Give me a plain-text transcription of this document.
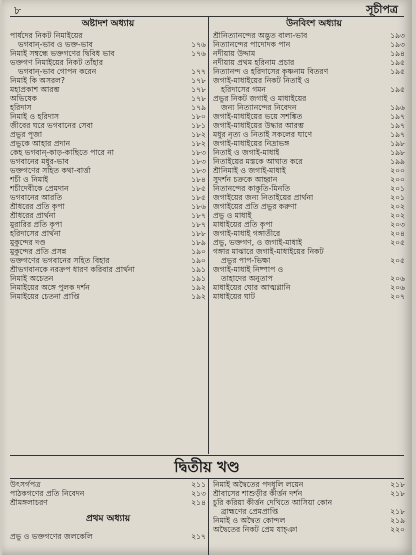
৮	সূচীপত্র
অষ্টাদশ অধ্যায়
পার্ষদের নিকট নিমাইয়ের
ভগবান্-ভাব ও ভক্ত-ভাব	১৭৬
নিমাই সম্বন্ধে ভক্তগণের দ্বিবিধ ভাব	১৭৬
ভক্তগণ নিমাইয়ের নিকট তাঁহার
ভগবান্-ভাব গোপন করেন	১৭৭
নিমাই কি অসরল?	১৭৮
মহাপ্রকাশ আরম্ভ	১৭৮
অভিষেক	১৭৮
হরিদাস	১৭৯
নিমাই ও হরিদাস	১৮০
জীবের ঘরে ভগবানের সেবা	১৮১
প্রভুর পূজা	১৮২
প্রভুকে আহার প্রদান	১৮২
কেহ ভগবান্-কাড়-কাছিতে পারে না	১৮৩
ভগবানের মধুর-ভাব	১৮৩
ভক্তগণের সহিত কথা-বার্ত্তা	১৮৩
শচী ও নিমাই	১৮৪
শচীদেবীকে প্রেমদান	১৮৫
ভগবানের আরতি	১৮৫
শ্রীধরের প্রতি কৃপা	১৮৬
শ্রীধরের প্রার্থনা	১৮৭
মুরারির প্রতি কৃপা	১৮৭
হরিদাসের প্রার্থনা	১৮৮
মুকুন্দের দণ্ড	১৮৯
মুকুন্দের প্রতি প্রসন্ন	১৯০
ভক্তগণের ভগবানের সহিত বিহার	১৯০
শ্রীভগবানকে নরক্রপ ধারণ করিবার প্রার্থনা	১৯১
নিমাই অচেতন	১৯১
নিমাইয়ের অঙ্গে পুলক দর্শন	১৯২
নিমাইয়ের চেতনা প্রাপ্তি	১৯২
উনবিংশ অধ্যায়
শ্রীনিত্যানন্দের অদ্ভুত বাল্য-ভাব	১৯৩
নিত্যানন্দের পাদোদক পান	১৯৩
নদীয়ায় উদ্দাম	১৯৪
নদীয়ায় প্রথম হরিনাম প্রচার	১৯৫
নিত্যানন্দ ও হরিদাসের কৃষ্ণনাম বিতরণ	১৯৫
জগাই-মাধাইয়ের নিকট নিতাই ও
হরিদাসের গমন	১৯৫
প্রভুর নিকট জগাই ও মাধাইয়ের
জন্য নিত্যানন্দের নিবেদন	১৯৬
জগাই-মাধাইয়ের ভয়ে সশঙ্কিত	১৯৭
জগাই-মাধাইয়ের উদ্ধার আরম্ভ	১৯৭
মধুর নৃত্য ও নিতাই সকলের ঘাণে	১৯৭
জগাই-মাধাইয়ের নিদ্রাভঙ্গ	১৯৮
নিতাই ও জগাই-মাধাই	১৯৮
নিতাইয়ের মস্তকে আঘাত করে	১৯৯
শ্রীনিমাই ও জগাই-মাধাই	২০০
সুদর্শন চক্রকে আহ্বান	২০০
নিতানন্দের কাকুতি-মিনতি	২০১
জগাইয়ের জন্য নিতাইয়ের প্রার্থনা	২০১
জগাইয়ের প্রতি প্রভুর করুণা	২০২
প্রভু ও মাধাই	২০২
মাধাইয়ের প্রতি কৃপা	২০৩
জগাই-মাধাই গঙ্গাতীরে	২০৪
প্রভু, ভক্তগণ, ও জগাই-মাধাই	২০৫
গঙ্গার মাঝারে জগাই-মাধাইয়ের নিকট
প্রভুর পাপ-ভিক্ষা	২০৫
জগাই-মাধাই নিষ্পাপ ও
তাহাদের অনুতাপ	২০৬
মাধাইয়ের ঘোর আত্মগ্লানি	২০৬
মাধাইয়ের ঘাট	২০৭
দ্বিতীয় খণ্ড
উৎসর্গপত্র	২১১
পাঠকগণের প্রতি নিবেদন	২১৩
শ্রীমঙ্গলাচরণ	২১৪
প্রথম অধ্যায়
প্রভু ও ভক্তগণের জলকেলি	২১৭
নিমাই অদ্বৈতের পদধূলি লয়েন	২১৮
শ্রীবাসের শাশুড়ীর কীর্ত্তন দর্শন	২১৮
চুরি করিয়া কীর্ত্তন দেখিতে আসিয়া কোন
ব্রাহ্মণের প্রেমপ্রাপ্তি	২১৮
নিমাই ও অদ্বৈত কোন্দল	২১৯
অদ্বৈতের নিকট প্রেম যাচ্‌ঞা	২২০
